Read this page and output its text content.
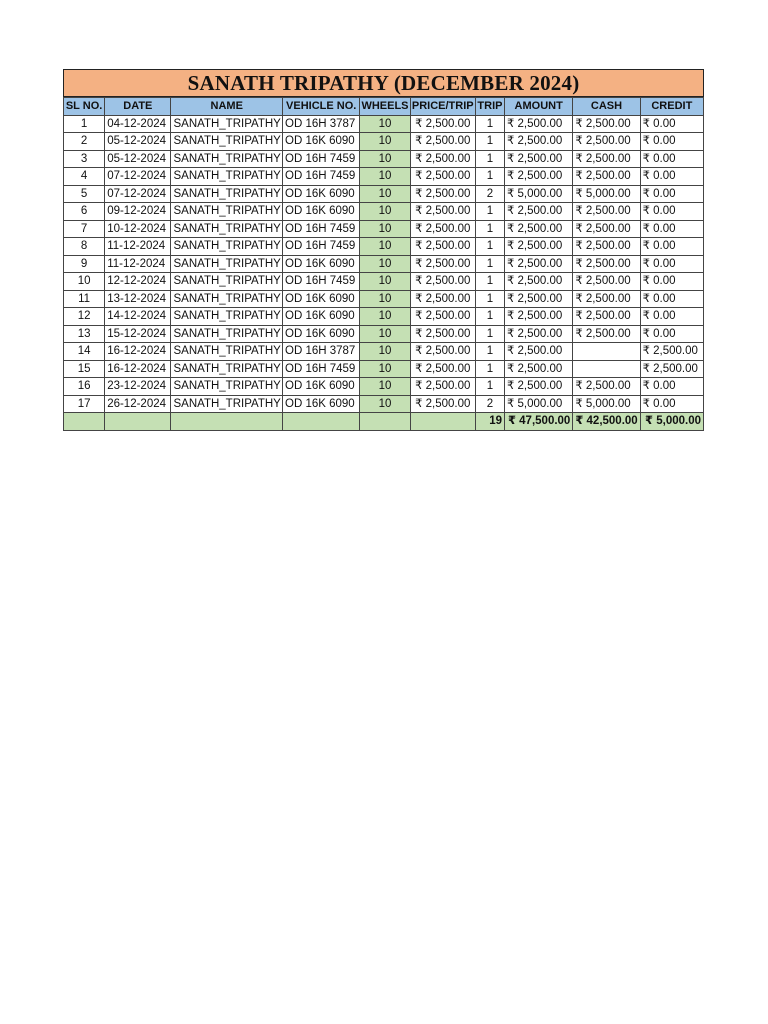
SANATH TRIPATHY (DECEMBER 2024)
SL NO.	DATE	NAME	VEHICLE NO.	WHEELS	PRICE/TRIP	TRIP	AMOUNT	CASH	CREDIT
1	04-12-2024	SANATH_TRIPATHY	OD 16H 3787	10	₹ 2,500.00	1	₹ 2,500.00	₹ 2,500.00	₹ 0.00
2	05-12-2024	SANATH_TRIPATHY	OD 16K 6090	10	₹ 2,500.00	1	₹ 2,500.00	₹ 2,500.00	₹ 0.00
3	05-12-2024	SANATH_TRIPATHY	OD 16H 7459	10	₹ 2,500.00	1	₹ 2,500.00	₹ 2,500.00	₹ 0.00
4	07-12-2024	SANATH_TRIPATHY	OD 16H 7459	10	₹ 2,500.00	1	₹ 2,500.00	₹ 2,500.00	₹ 0.00
5	07-12-2024	SANATH_TRIPATHY	OD 16K 6090	10	₹ 2,500.00	2	₹ 5,000.00	₹ 5,000.00	₹ 0.00
6	09-12-2024	SANATH_TRIPATHY	OD 16K 6090	10	₹ 2,500.00	1	₹ 2,500.00	₹ 2,500.00	₹ 0.00
7	10-12-2024	SANATH_TRIPATHY	OD 16H 7459	10	₹ 2,500.00	1	₹ 2,500.00	₹ 2,500.00	₹ 0.00
8	11-12-2024	SANATH_TRIPATHY	OD 16H 7459	10	₹ 2,500.00	1	₹ 2,500.00	₹ 2,500.00	₹ 0.00
9	11-12-2024	SANATH_TRIPATHY	OD 16K 6090	10	₹ 2,500.00	1	₹ 2,500.00	₹ 2,500.00	₹ 0.00
10	12-12-2024	SANATH_TRIPATHY	OD 16H 7459	10	₹ 2,500.00	1	₹ 2,500.00	₹ 2,500.00	₹ 0.00
11	13-12-2024	SANATH_TRIPATHY	OD 16K 6090	10	₹ 2,500.00	1	₹ 2,500.00	₹ 2,500.00	₹ 0.00
12	14-12-2024	SANATH_TRIPATHY	OD 16K 6090	10	₹ 2,500.00	1	₹ 2,500.00	₹ 2,500.00	₹ 0.00
13	15-12-2024	SANATH_TRIPATHY	OD 16K 6090	10	₹ 2,500.00	1	₹ 2,500.00	₹ 2,500.00	₹ 0.00
14	16-12-2024	SANATH_TRIPATHY	OD 16H 3787	10	₹ 2,500.00	1	₹ 2,500.00		₹ 2,500.00
15	16-12-2024	SANATH_TRIPATHY	OD 16H 7459	10	₹ 2,500.00	1	₹ 2,500.00		₹ 2,500.00
16	23-12-2024	SANATH_TRIPATHY	OD 16K 6090	10	₹ 2,500.00	1	₹ 2,500.00	₹ 2,500.00	₹ 0.00
17	26-12-2024	SANATH_TRIPATHY	OD 16K 6090	10	₹ 2,500.00	2	₹ 5,000.00	₹ 5,000.00	₹ 0.00
						19	₹ 47,500.00	₹ 42,500.00	₹ 5,000.00
